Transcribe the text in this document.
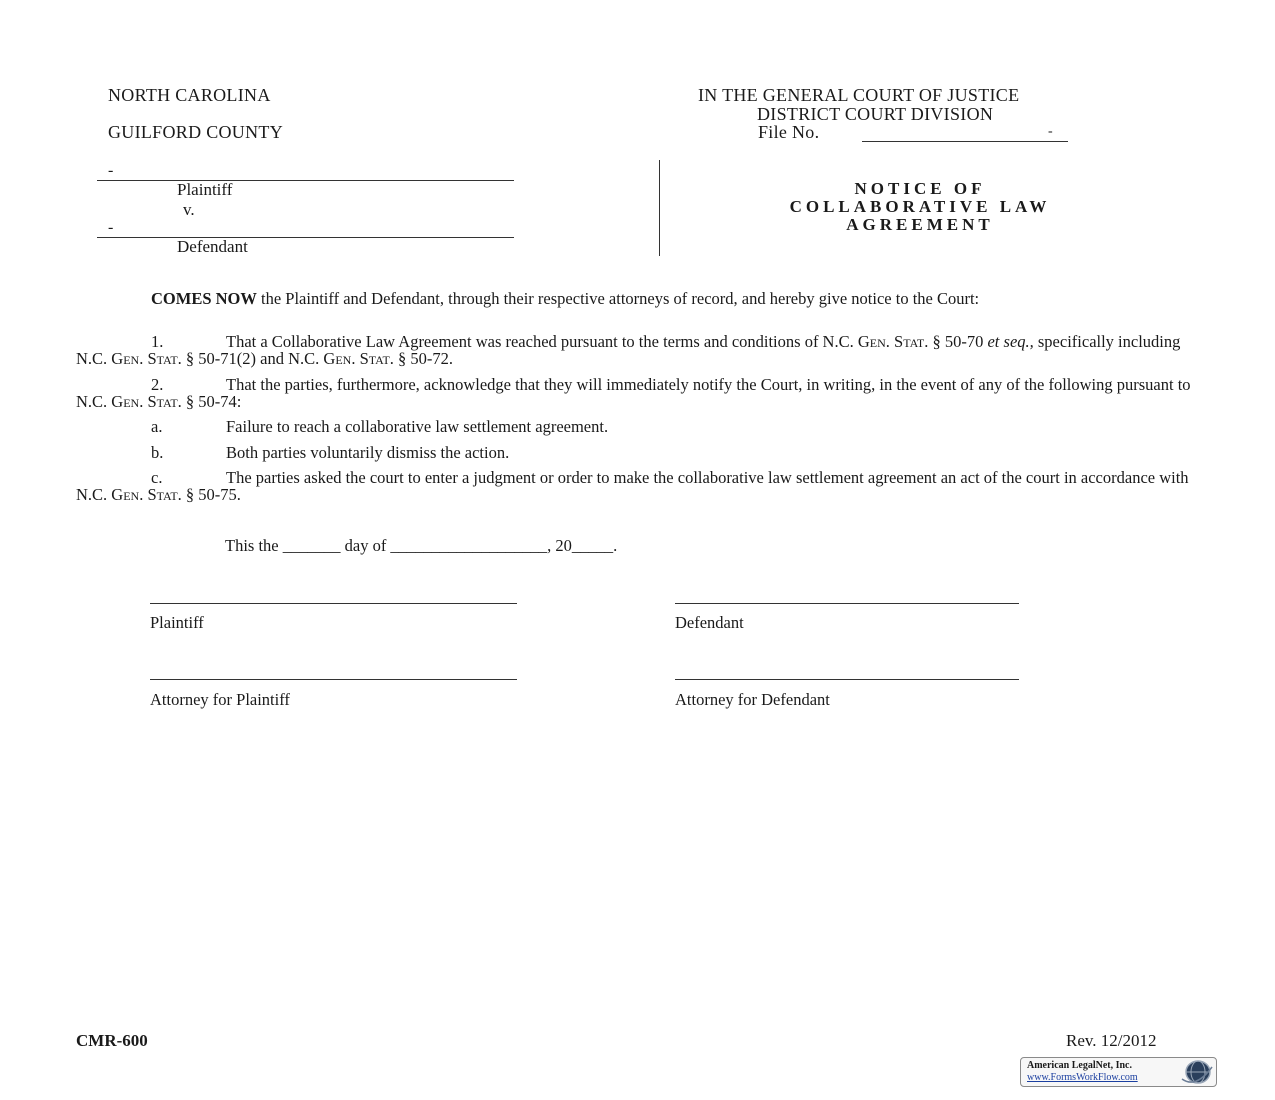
NORTH CAROLINA
GUILFORD COUNTY
IN THE GENERAL COURT OF JUSTICE
DISTRICT COURT DIVISION
File No.	-
-
Plaintiff
v.
-
Defendant
NOTICE OF
COLLABORATIVE LAW
AGREEMENT
COMES NOW the Plaintiff and Defendant, through their respective attorneys of record, and hereby give notice to the Court:
1.	That a Collaborative Law Agreement was reached pursuant to the terms and conditions of N.C. Gen. Stat. § 50-70 et seq., specifically including N.C. Gen. Stat. § 50-71(2) and N.C. Gen. Stat. § 50-72.
2.	That the parties, furthermore, acknowledge that they will immediately notify the Court, in writing, in the event of any of the following pursuant to N.C. Gen. Stat. § 50-74:
a.	Failure to reach a collaborative law settlement agreement.
b.	Both parties voluntarily dismiss the action.
c.	The parties asked the court to enter a judgment or order to make the collaborative law settlement agreement an act of the court in accordance with N.C. Gen. Stat. § 50-75.
This the _______ day of ___________________, 20_____.
Plaintiff	Defendant
Attorney for Plaintiff	Attorney for Defendant
CMR-600	Rev. 12/2012
American LegalNet, Inc.
www.FormsWorkFlow.com
